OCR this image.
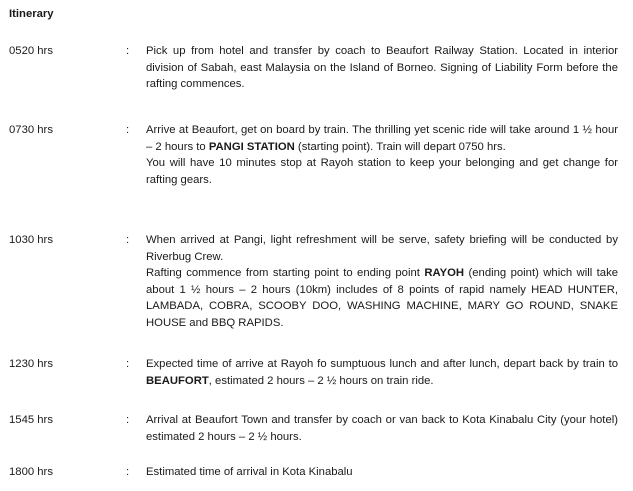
Itinerary
0520 hrs	: Pick up from hotel and transfer by coach to Beaufort Railway Station. Located in interior division of Sabah, east Malaysia on the Island of Borneo. Signing of Liability Form before the rafting commences.

0730 hrs	: Arrive at Beaufort, get on board by train. The thrilling yet scenic ride will take around 1 ½ hour – 2 hours to PANGI STATION (starting point). Train will depart 0750 hrs.

You will have 10 minutes stop at Rayoh station to keep your belonging and get change for rafting gears.

1030 hrs	: When arrived at Pangi, light refreshment will be serve, safety briefing will be conducted by Riverbug Crew.

Rafting commence from starting point to ending point RAYOH (ending point) which will take about 1 ½ hours – 2 hours (10km) includes of 8 points of rapid namely HEAD HUNTER, LAMBADA, COBRA, SCOOBY DOO, WASHING MACHINE, MARY GO ROUND, SNAKE HOUSE and BBQ RAPIDS.

1230 hrs	: Expected time of arrive at Rayoh fo sumptuous lunch and after lunch, depart back by train to BEAUFORT, estimated 2 hours – 2 ½ hours on train ride.

1545 hrs	: Arrival at Beaufort Town and transfer by coach or van back to Kota Kinabalu City (your hotel) estimated 2 hours – 2 ½ hours.

1800 hrs	: Estimated time of arrival in Kota Kinabalu
